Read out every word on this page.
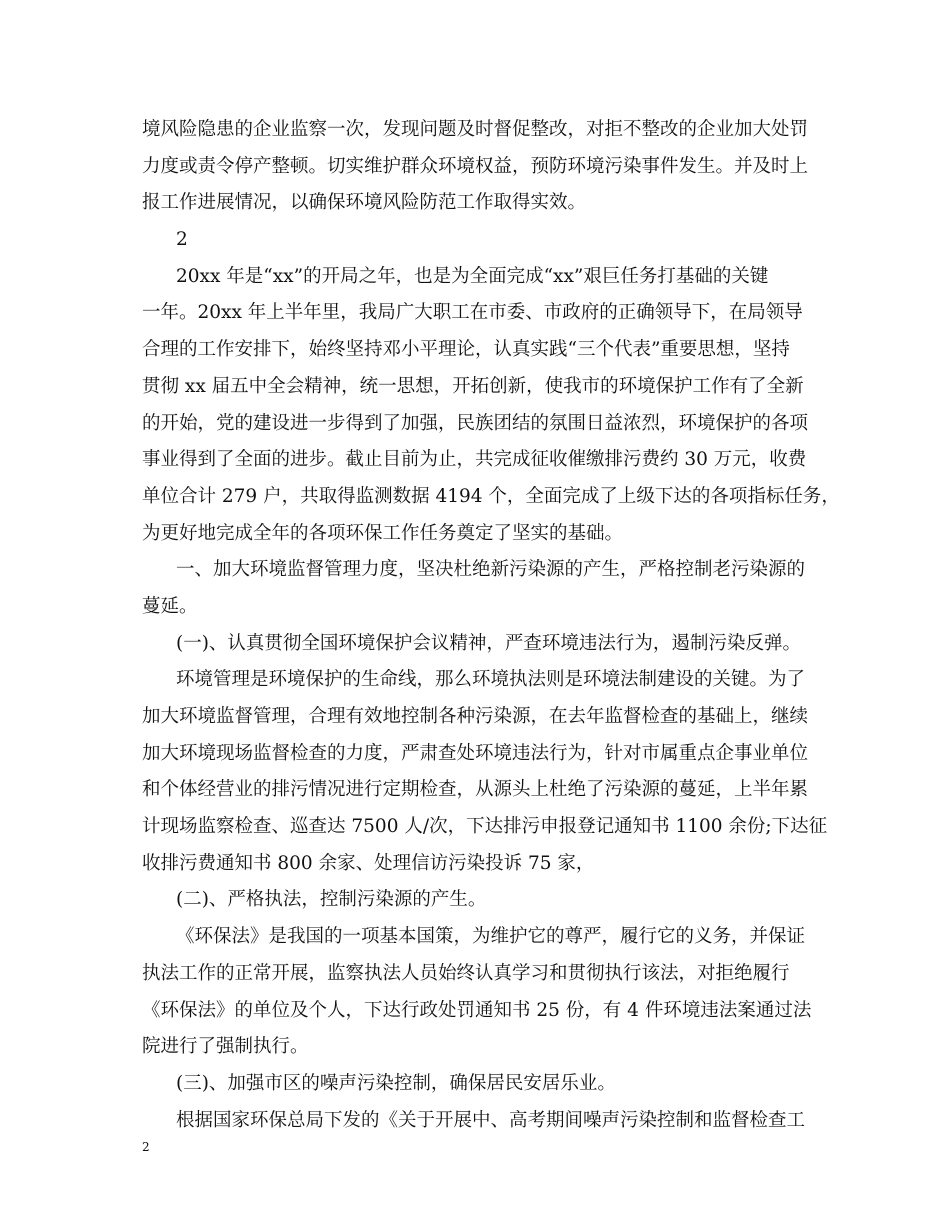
境风险隐患的企业监察一次，发现问题及时督促整改，对拒不整改的企业加大处罚
力度或责令停产整顿。切实维护群众环境权益，预防环境污染事件发生。并及时上
报工作进展情况，以确保环境风险防范工作取得实效。
2
20xx 年是“xx”的开局之年，也是为全面完成“xx”艰巨任务打基础的关键
一年。20xx 年上半年里，我局广大职工在市委、市政府的正确领导下，在局领导
合理的工作安排下，始终坚持邓小平理论，认真实践“三个代表”重要思想，坚持
贯彻 xx 届五中全会精神，统一思想，开拓创新，使我市的环境保护工作有了全新
的开始，党的建设进一步得到了加强，民族团结的氛围日益浓烈，环境保护的各项
事业得到了全面的进步。截止目前为止，共完成征收催缴排污费约 30 万元，收费
单位合计 279 户，共取得监测数据 4194 个，全面完成了上级下达的各项指标任务，
为更好地完成全年的各项环保工作任务奠定了坚实的基础。
一、加大环境监督管理力度，坚决杜绝新污染源的产生，严格控制老污染源的
蔓延。
(一)、认真贯彻全国环境保护会议精神，严查环境违法行为，遏制污染反弹。
环境管理是环境保护的生命线，那么环境执法则是环境法制建设的关键。为了
加大环境监督管理，合理有效地控制各种污染源，在去年监督检查的基础上，继续
加大环境现场监督检查的力度，严肃查处环境违法行为，针对市属重点企事业单位
和个体经营业的排污情况进行定期检查，从源头上杜绝了污染源的蔓延，上半年累
计现场监察检查、巡查达 7500 人/次，下达排污申报登记通知书 1100 余份;下达征
收排污费通知书 800 余家、处理信访污染投诉 75 家，
(二)、严格执法，控制污染源的产生。
《环保法》是我国的一项基本国策，为维护它的尊严，履行它的义务，并保证
执法工作的正常开展，监察执法人员始终认真学习和贯彻执行该法，对拒绝履行
《环保法》的单位及个人，下达行政处罚通知书 25 份，有 4 件环境违法案通过法
院进行了强制执行。
(三)、加强市区的噪声污染控制，确保居民安居乐业。
根据国家环保总局下发的《关于开展中、高考期间噪声污染控制和监督检查工
2
